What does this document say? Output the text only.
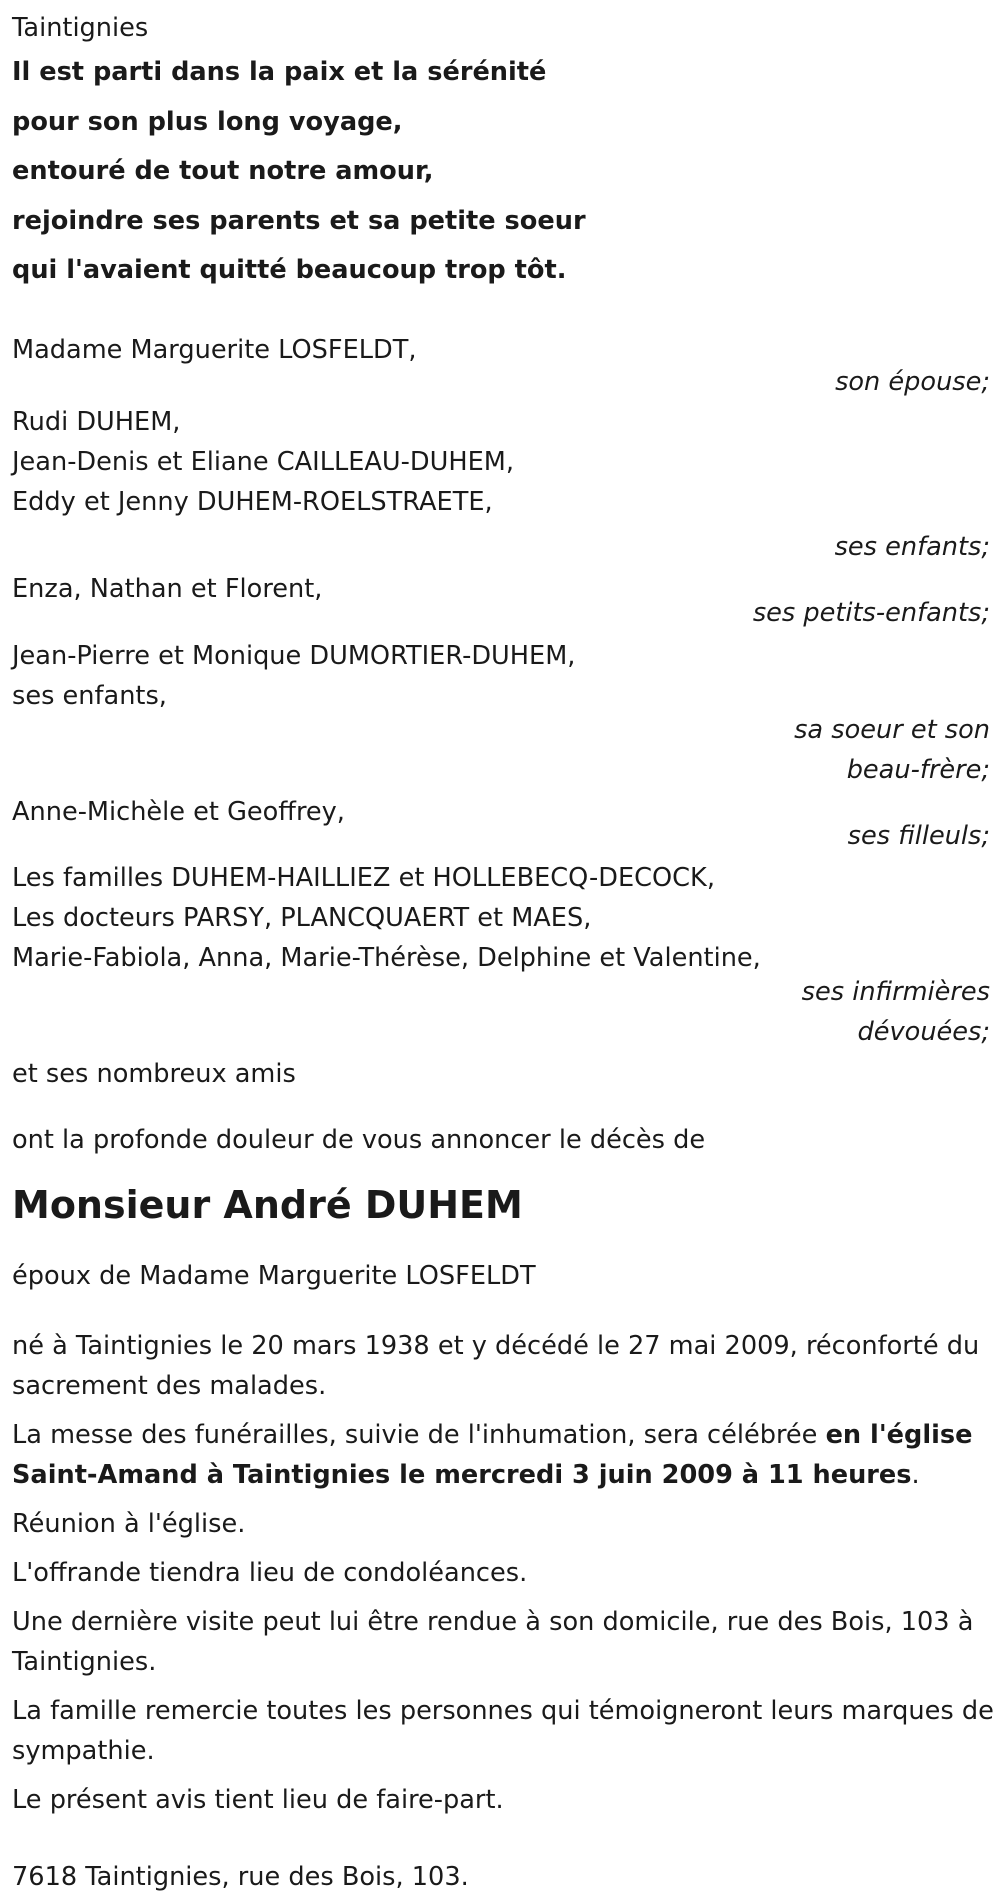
Taintignies
Il est parti dans la paix et la sérénité
pour son plus long voyage,
entouré de tout notre amour,
rejoindre ses parents et sa petite soeur
qui l'avaient quitté beaucoup trop tôt.
Madame Marguerite LOSFELDT,
son épouse;
Rudi DUHEM,
Jean-Denis et Eliane CAILLEAU-DUHEM,
Eddy et Jenny DUHEM-ROELSTRAETE,
ses enfants;
Enza, Nathan et Florent,
ses petits-enfants;
Jean-Pierre et Monique DUMORTIER-DUHEM,
ses enfants,
sa soeur et son
beau-frère;
Anne-Michèle et Geoffrey,
ses filleuls;
Les familles DUHEM-HAILLIEZ et HOLLEBECQ-DECOCK,
Les docteurs PARSY, PLANCQUAERT et MAES,
Marie-Fabiola, Anna, Marie-Thérèse, Delphine et Valentine,
ses infirmières
dévouées;
et ses nombreux amis
ont la profonde douleur de vous annoncer le décès de
Monsieur André DUHEM
époux de Madame Marguerite LOSFELDT
né à Taintignies le 20 mars 1938 et y décédé le 27 mai 2009, réconforté du sacrement des malades.
La messe des funérailles, suivie de l'inhumation, sera célébrée en l'église Saint-Amand à Taintignies le mercredi 3 juin 2009 à 11 heures.
Réunion à l'église.
L'offrande tiendra lieu de condoléances.
Une dernière visite peut lui être rendue à son domicile, rue des Bois, 103 à Taintignies.
La famille remercie toutes les personnes qui témoigneront leurs marques de sympathie.
Le présent avis tient lieu de faire-part.
7618 Taintignies, rue des Bois, 103.
